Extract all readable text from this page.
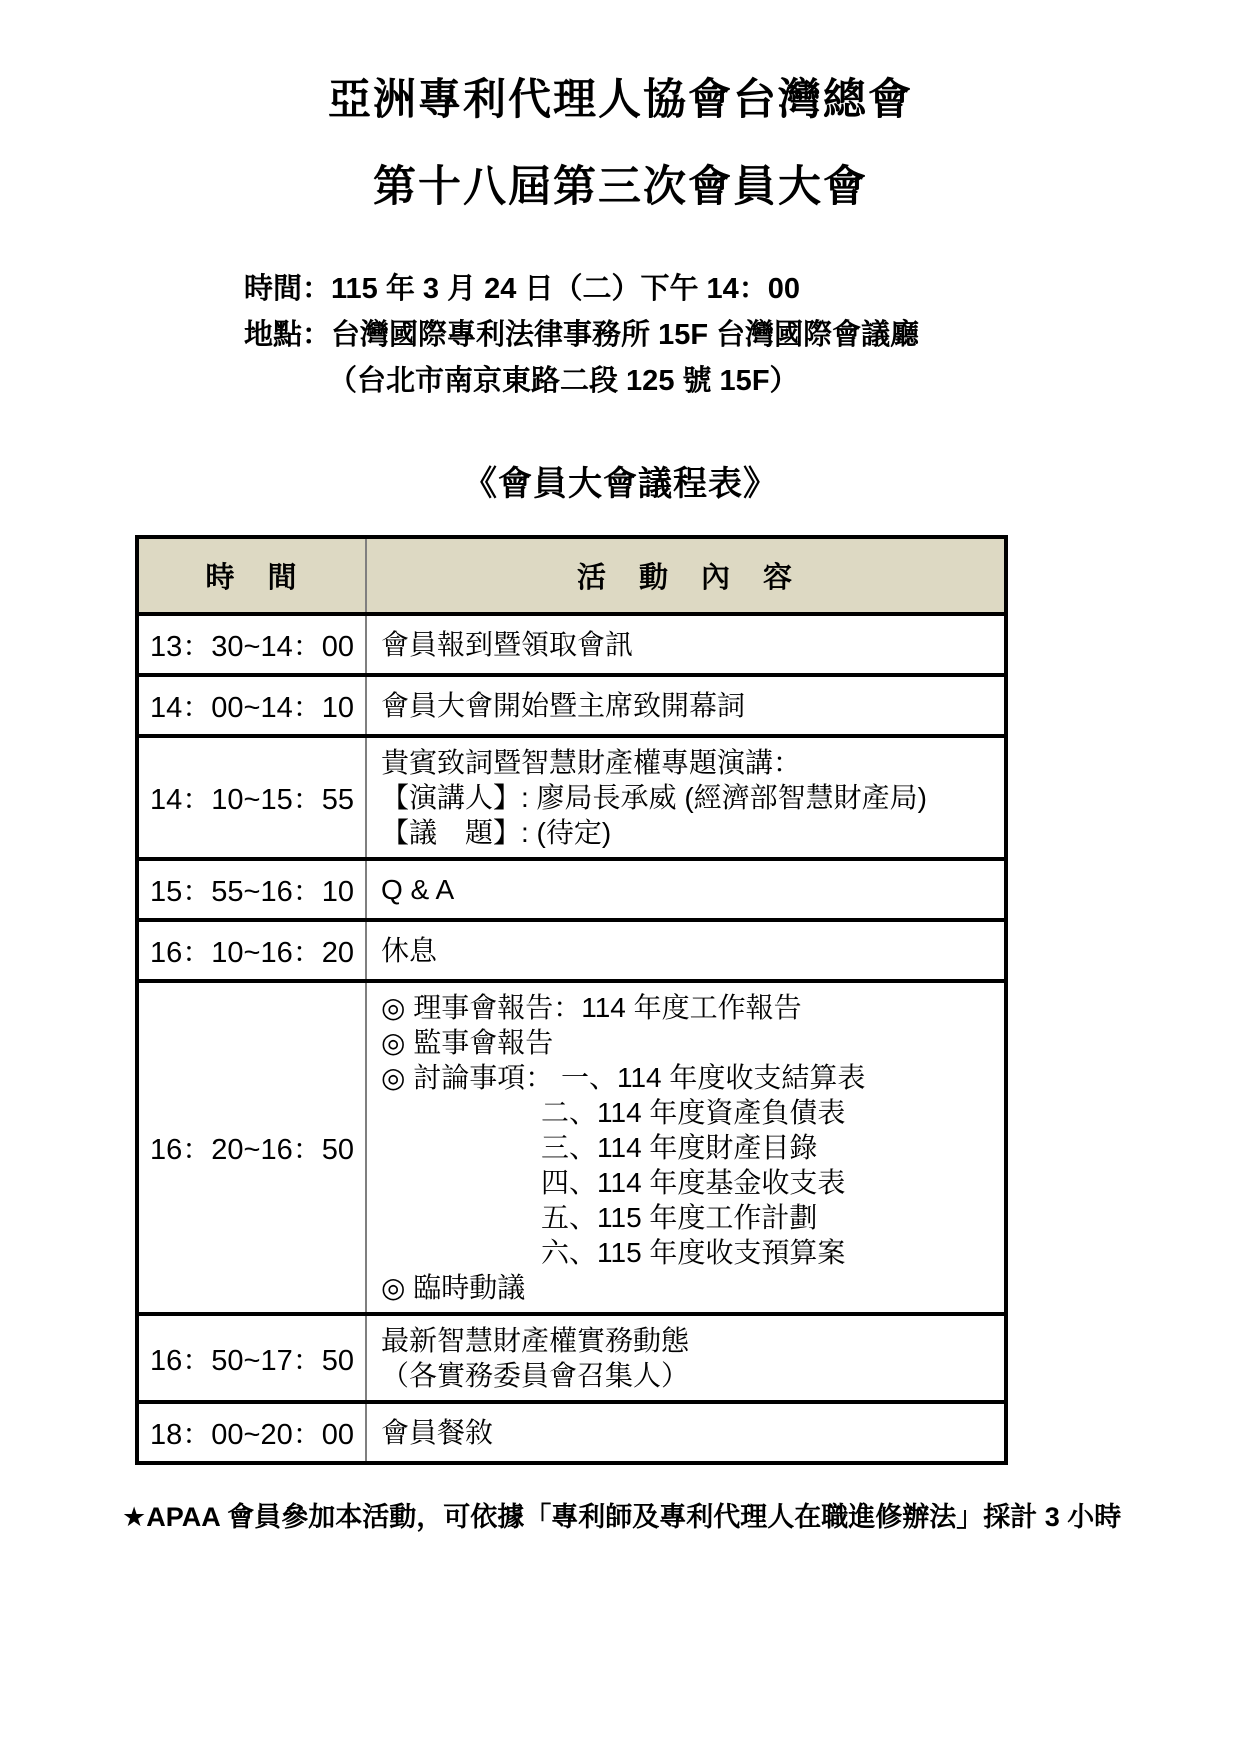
亞洲專利代理人協會台灣總會
第十八屆第三次會員大會
時間：115 年 3 月 24 日（二）下午 14：00
地點：台灣國際專利法律事務所 15F 台灣國際會議廳
（台北市南京東路二段 125 號 15F）
《會員大會議程表》
時　間	活　動　內　容
13：30~14：00 會員報到暨領取會訊
14：00~14：10 會員大會開始暨主席致開幕詞
14：10~15：55
貴賓致詞暨智慧財產權專題演講：
【演講人】: 廖局長承威 (經濟部智慧財產局)
【議　題】: (待定)
15：55~16：10 Q & A
16：10~16：20 休息
16：20~16：50
◎ 理事會報告：114 年度工作報告
◎ 監事會報告
◎ 討論事項： 一、114 年度收支結算表
二、114 年度資產負債表
三、114 年度財產目錄
四、114 年度基金收支表
五、115 年度工作計劃
六、115 年度收支預算案
◎ 臨時動議
16：50~17：50
最新智慧財產權實務動態
（各實務委員會召集人）
18：00~20：00 會員餐敘
★APAA 會員參加本活動，可依據「專利師及專利代理人在職進修辦法」採計 3 小時
